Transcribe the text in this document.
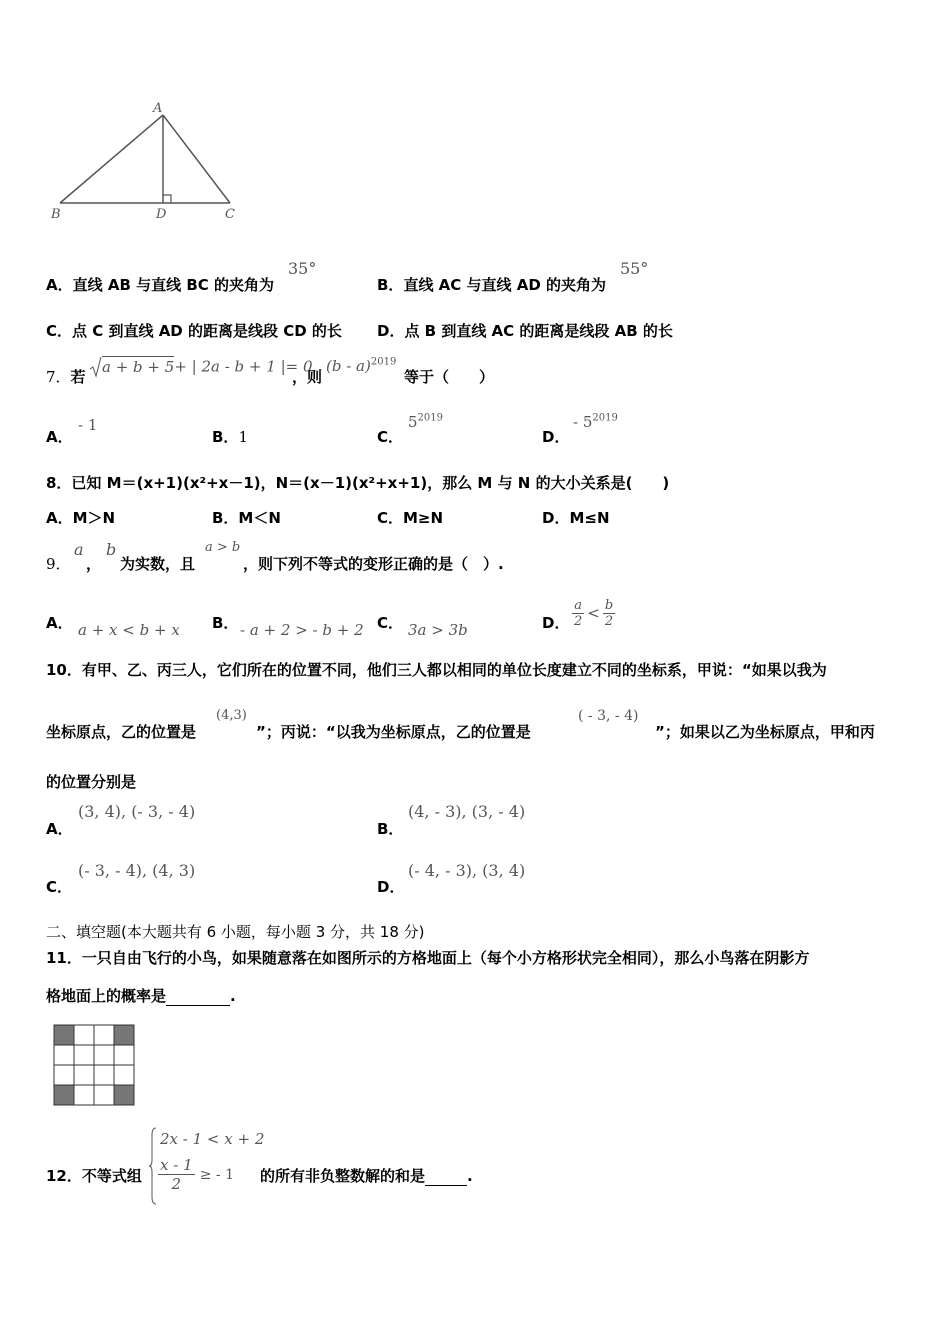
A
B	D	C
A．直线 AB 与直线 BC 的夹角为
35°
B．直线 AC 与直线 AD 的夹角为
55°
C．点 C 到直线 AD 的距离是线段 CD 的长 D．点 B 到直线 AC 的距离是线段 AB 的长
7．若
a + b + 5+ | 2a - b + 1 |= 0
，则
(b - a)$^{2019}$
等于（　　）
A．
- 1
B．1	C．
$5^{2019}$
D．
- $5^{2019}$
8．已知 M＝(x+1)(x²+x－1)，N＝(x－1)(x²+x+1)，那么 M 与 N 的大小关系是(　　)
A．M＞N	B．M＜N	C．M≥N	D．M≤N
9．
a
，
b
为实数，且
a > b
，则下列不等式的变形正确的是（　）.
A． a + x < b + x B． - a + 2 > - b + 2 C． 3a > 3b	D． $\frac{a}{2} < \frac{b}{2}$
10．有甲、乙、丙三人，它们所在的位置不同，他们三人都以相同的单位长度建立不同的坐标系，甲说：“如果以我为
坐标原点，乙的位置是
(4,3)
”；丙说：“以我为坐标原点，乙的位置是
( - 3, - 4)
”；如果以乙为坐标原点，甲和丙
的位置分别是
A．
(3, 4), (- 3, - 4)
B．
(4, - 3), (3, - 4)
C．
(- 3, - 4), (4, 3)
D．
(- 4, - 3), (3, 4)
二、填空题(本大题共有 6 小题，每小题 3 分，共 18 分)
11．一只自由飞行的小鸟，如果随意落在如图所示的方格地面上（每个小方格形状完全相同），那么小鸟落在阴影方
格地面上的概率是	.
12．不等式组
2x - 1 < x + 2
$\frac{x - 1}{2}$ ≥ - 1 的所有非负整数解的和是	.
